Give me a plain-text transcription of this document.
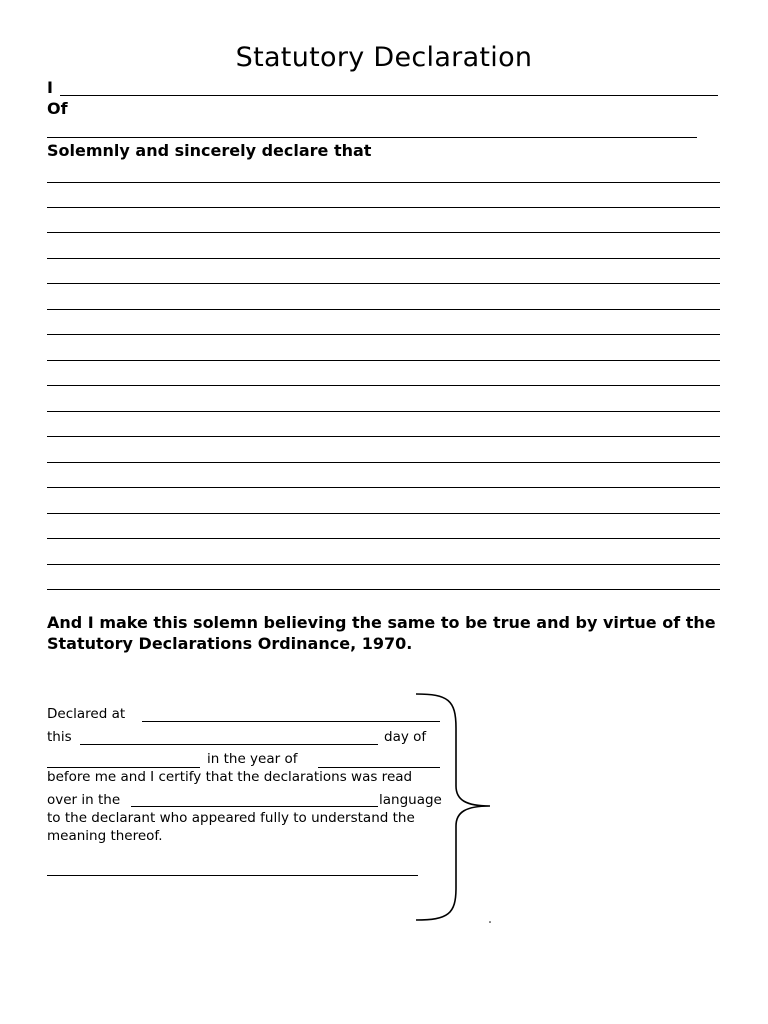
Statutory Declaration
I
Of
Solemnly and sincerely declare that
And I make this solemn believing the same to be true and by virtue of the
Statutory Declarations Ordinance, 1970.
Declared at
this	day of
in the year of
before me and I certify that the declarations was read
over in the	language
to the declarant who appeared fully to understand the
meaning thereof.
